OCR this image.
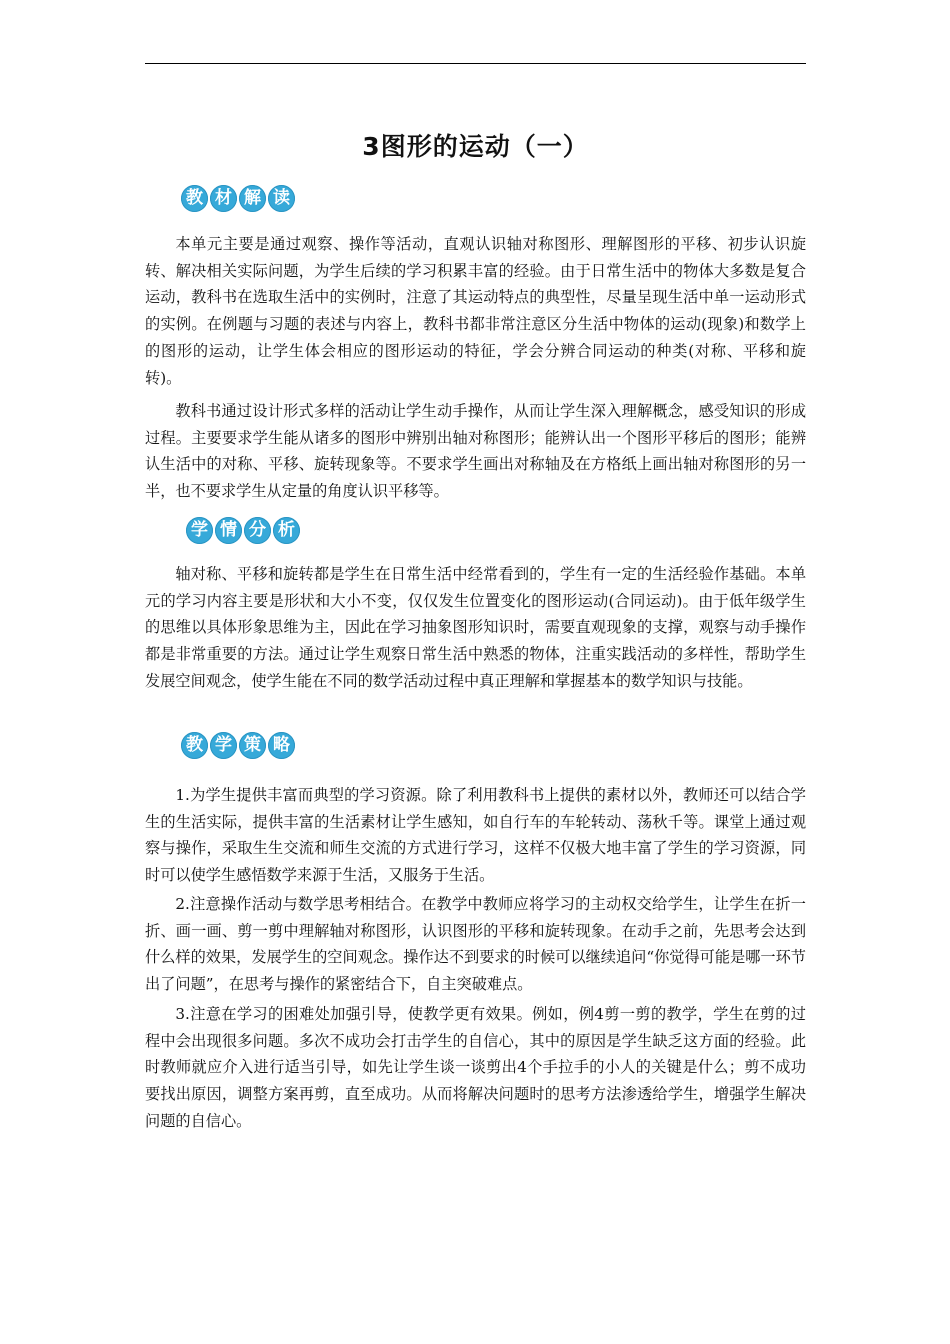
3图形的运动（一）
教 材 解 读

本单元主要是通过观察、操作等活动，直观认识轴对称图形、理解图形的平移、初步认识旋转、解决相关实际问题，为学生后续的学习积累丰富的经验。由于日常生活中的物体大多数是复合运动，教科书在选取生活中的实例时，注意了其运动特点的典型性，尽量呈现生活中单一运动形式的实例。在例题与习题的表述与内容上，教科书都非常注意区分生活中物体的运动(现象)和数学上的图形的运动，让学生体会相应的图形运动的特征，学会分辨合同运动的种类(对称、平移和旋转)。

教科书通过设计形式多样的活动让学生动手操作，从而让学生深入理解概念，感受知识的形成过程。主要要求学生能从诸多的图形中辨别出轴对称图形；能辨认出一个图形平移后的图形；能辨认生活中的对称、平移、旋转现象等。不要求学生画出对称轴及在方格纸上画出轴对称图形的另一半，也不要求学生从定量的角度认识平移等。

学 情 分 析

轴对称、平移和旋转都是学生在日常生活中经常看到的，学生有一定的生活经验作基础。本单元的学习内容主要是形状和大小不变，仅仅发生位置变化的图形运动(合同运动)。由于低年级学生的思维以具体形象思维为主，因此在学习抽象图形知识时，需要直观现象的支撑，观察与动手操作都是非常重要的方法。通过让学生观察日常生活中熟悉的物体，注重实践活动的多样性，帮助学生发展空间观念，使学生能在不同的数学活动过程中真正理解和掌握基本的数学知识与技能。

教 学 策 略

1.为学生提供丰富而典型的学习资源。除了利用教科书上提供的素材以外，教师还可以结合学生的生活实际，提供丰富的生活素材让学生感知，如自行车的车轮转动、荡秋千等。课堂上通过观察与操作，采取生生交流和师生交流的方式进行学习，这样不仅极大地丰富了学生的学习资源，同时可以使学生感悟数学来源于生活，又服务于生活。

2.注意操作活动与数学思考相结合。在教学中教师应将学习的主动权交给学生，让学生在折一折、画一画、剪一剪中理解轴对称图形，认识图形的平移和旋转现象。在动手之前，先思考会达到什么样的效果，发展学生的空间观念。操作达不到要求的时候可以继续追问“你觉得可能是哪一环节出了问题”，在思考与操作的紧密结合下，自主突破难点。

3.注意在学习的困难处加强引导，使教学更有效果。例如，例4剪一剪的教学，学生在剪的过程中会出现很多问题。多次不成功会打击学生的自信心，其中的原因是学生缺乏这方面的经验。此时教师就应介入进行适当引导，如先让学生谈一谈剪出4个手拉手的小人的关键是什么；剪不成功要找出原因，调整方案再剪，直至成功。从而将解决问题时的思考方法渗透给学生，增强学生解决问题的自信心。
